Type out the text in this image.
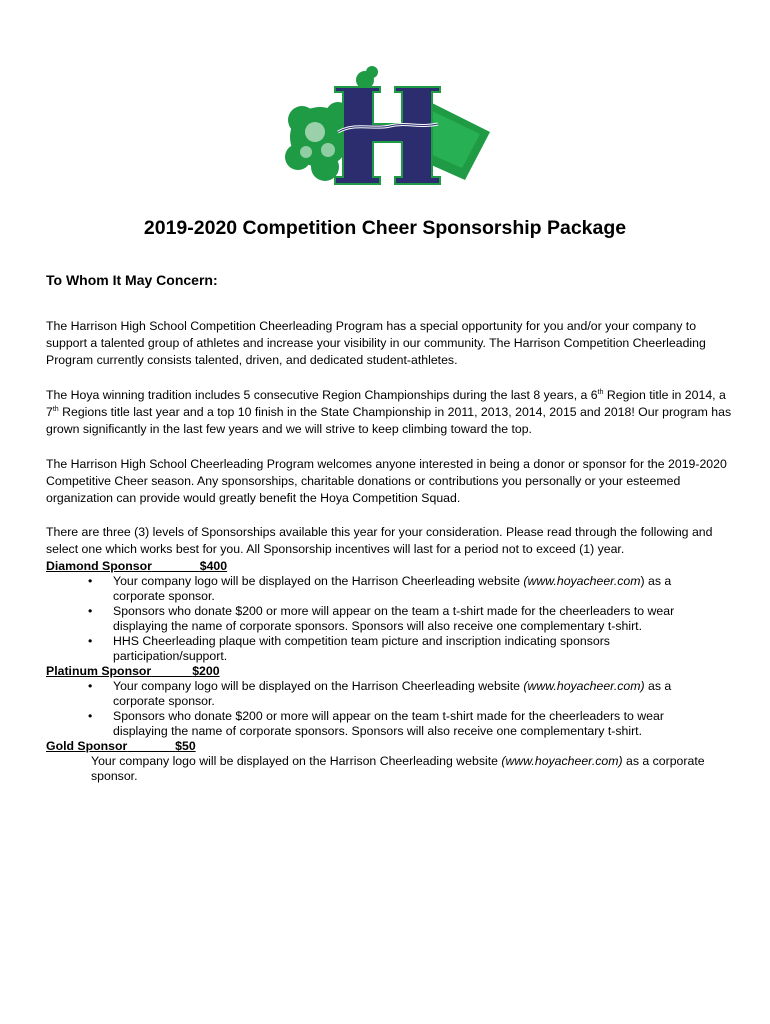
2019-2020 Competition Cheer Sponsorship Package

To Whom It May Concern:

The Harrison High School Competition Cheerleading Program has a special opportunity for you and/or your company to support a talented group of athletes and increase your visibility in our community. The Harrison Competition Cheerleading Program currently consists talented, driven, and dedicated student-athletes.

The Hoya winning tradition includes 5 consecutive Region Championships during the last 8 years, a 6th Region title in 2014, a 7th Regions title last year and a top 10 finish in the State Championship in 2011, 2013, 2014, 2015 and 2018! Our program has grown significantly in the last few years and we will strive to keep climbing toward the top.

The Harrison High School Cheerleading Program welcomes anyone interested in being a donor or sponsor for the 2019-2020 Competitive Cheer season. Any sponsorships, charitable donations or contributions you personally or your esteemed organization can provide would greatly benefit the Hoya Competition Squad.

There are three (3) levels of Sponsorships available this year for your consideration. Please read through the following and select one which works best for you. All Sponsorship incentives will last for a period not to exceed (1) year.

Diamond Sponsor	$400

• Your company logo will be displayed on the Harrison Cheerleading website (www.hoyacheer.com) as a corporate sponsor.
• Sponsors who donate $200 or more will appear on the team a t-shirt made for the cheerleaders to wear displaying the name of corporate sponsors. Sponsors will also receive one complementary t-shirt.
• HHS Cheerleading plaque with competition team picture and inscription indicating sponsors participation/support.

Platinum Sponsor	$200

• Your company logo will be displayed on the Harrison Cheerleading website (www.hoyacheer.com) as a corporate sponsor.
• Sponsors who donate $200 or more will appear on the team t-shirt made for the cheerleaders to wear displaying the name of corporate sponsors. Sponsors will also receive one complementary t-shirt.

Gold Sponsor	$50

Your company logo will be displayed on the Harrison Cheerleading website (www.hoyacheer.com) as a corporate sponsor.
